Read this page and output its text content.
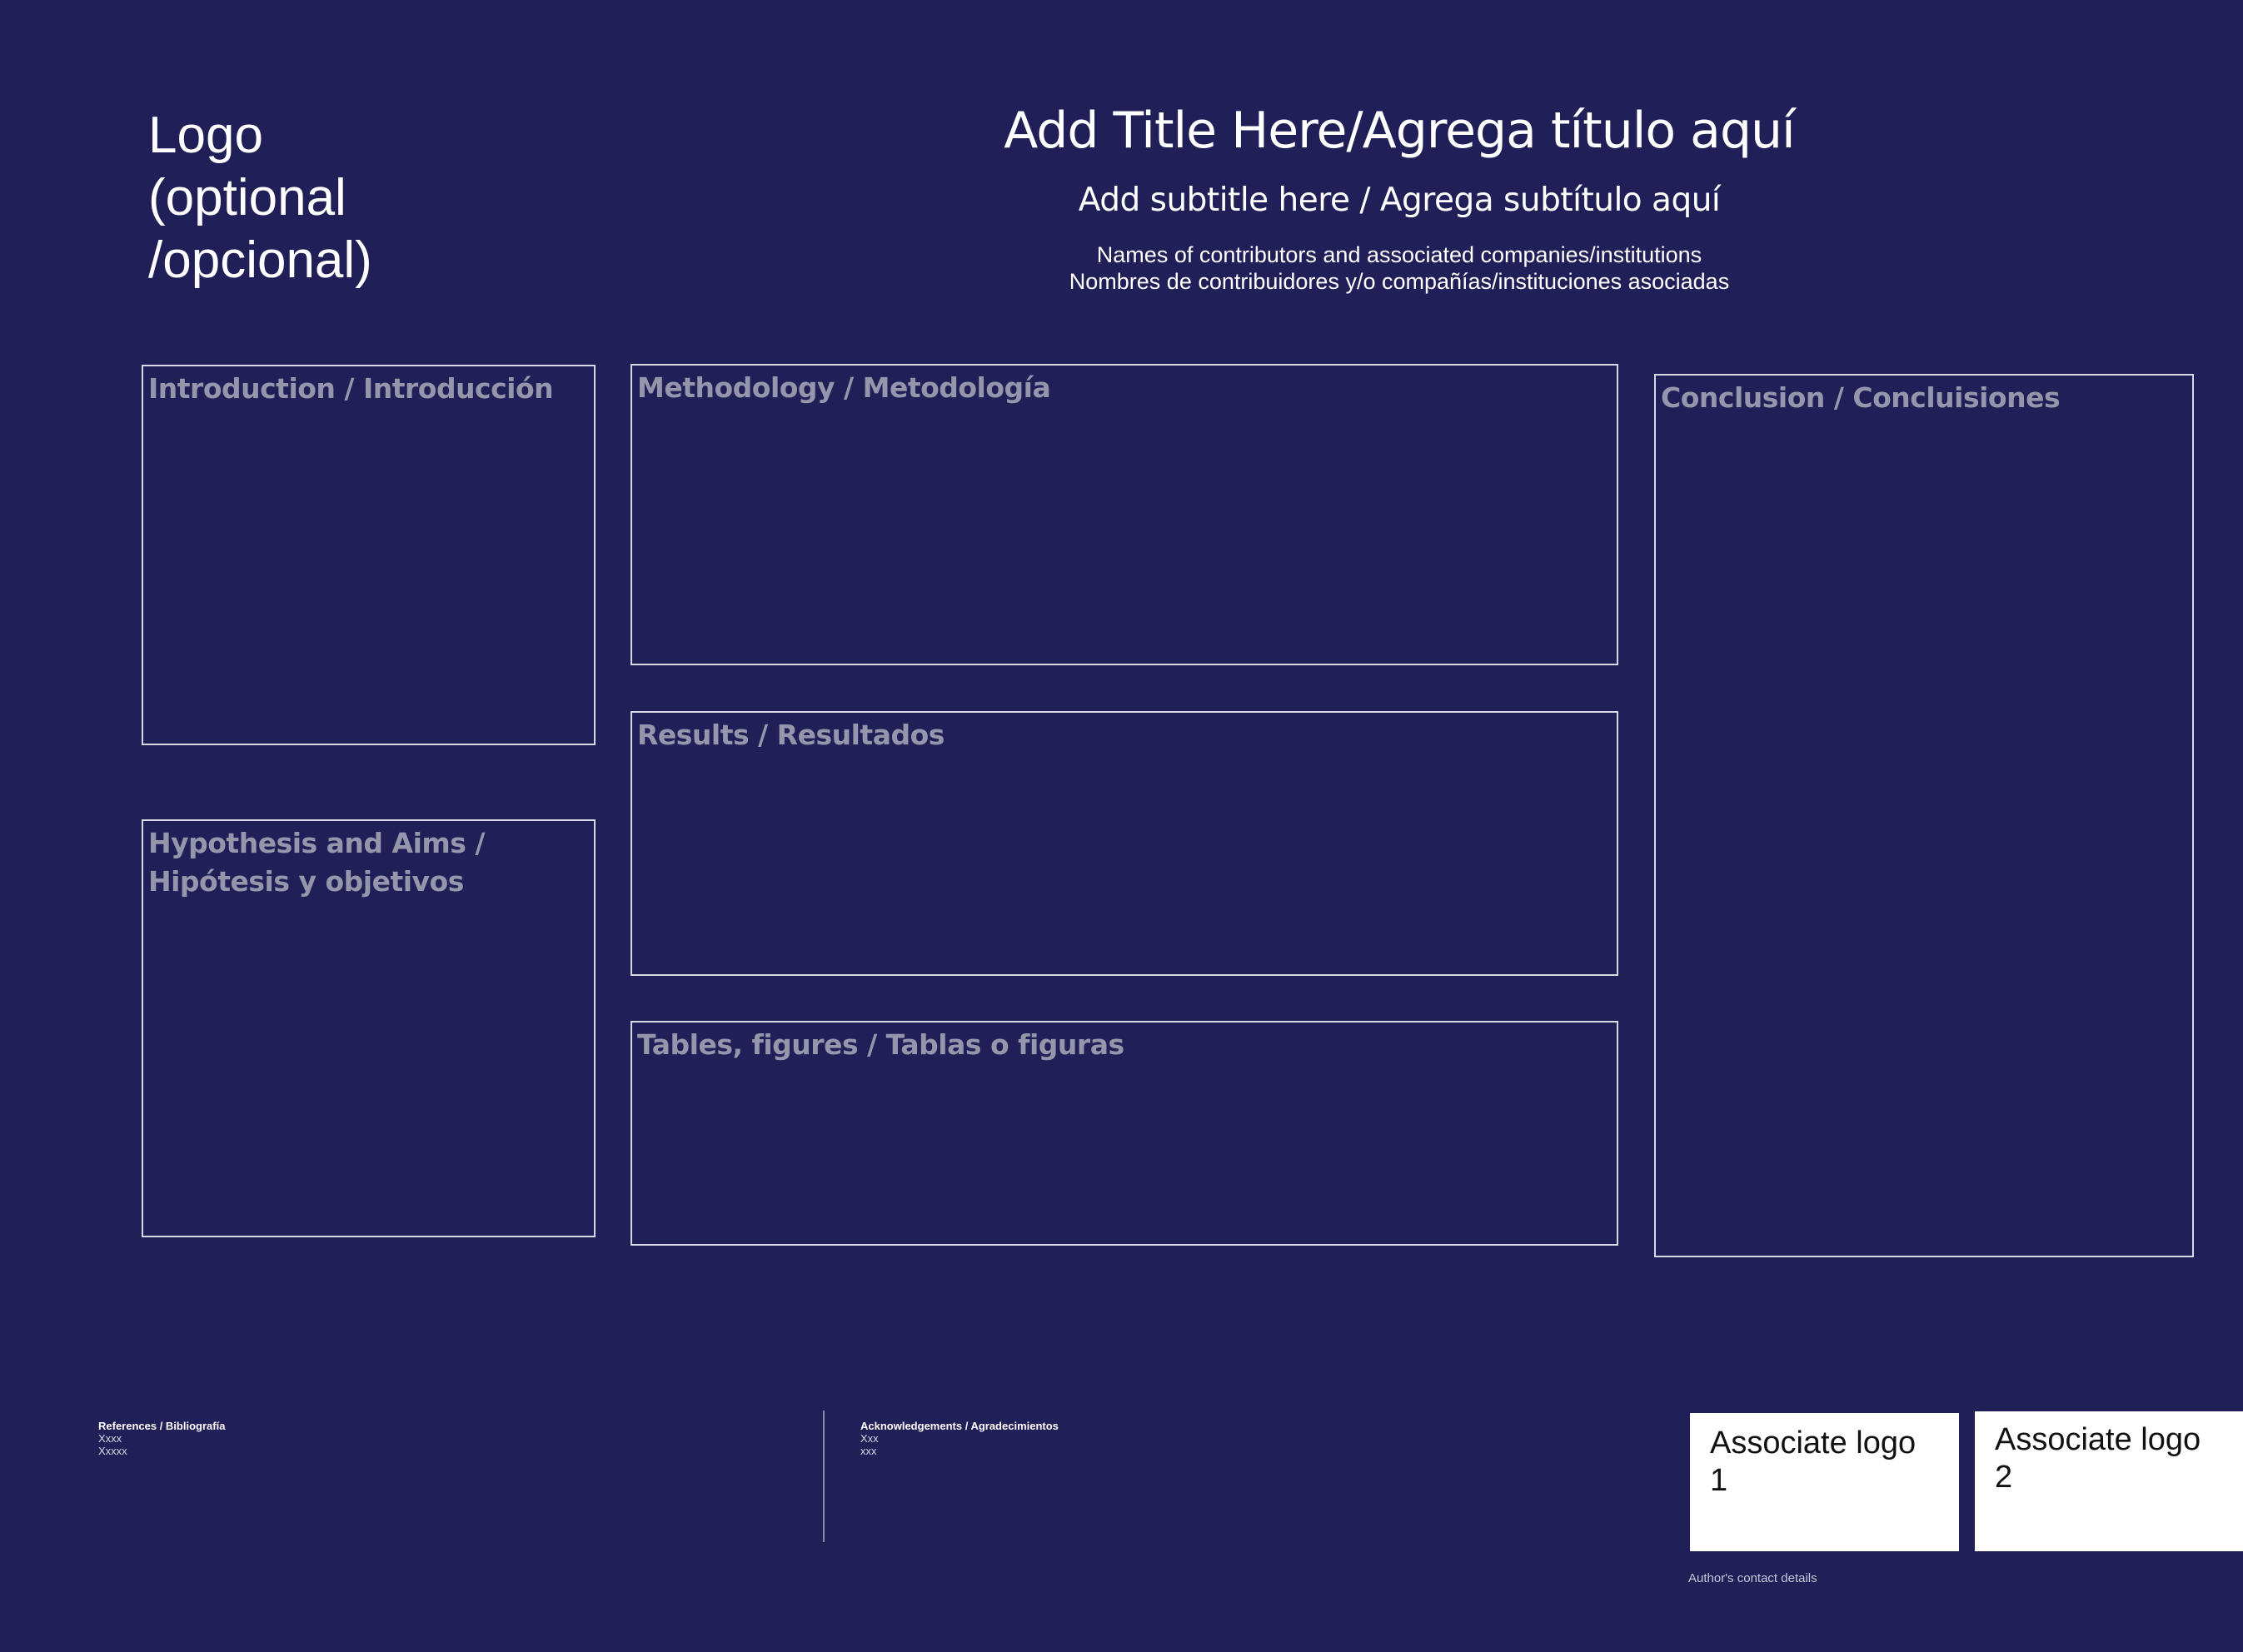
Logo
(optional
/opcional)
Add Title Here/Agrega título aquí
Add subtitle here / Agrega subtítulo aquí
Names of contributors and associated companies/institutions
Nombres de contribuidores y/o compañías/instituciones asociadas
Introduction / Introducción
Hypothesis and Aims / Hipótesis y objetivos
Methodology / Metodología
Results / Resultados
Tables, figures / Tablas o figuras
Conclusion / Concluisiones
References / Bibliografía
Xxxx
Xxxxx
Acknowledgements / Agradecimientos
Xxx
xxx	Associate logo
1
Associate logo
2
Author's contact details
